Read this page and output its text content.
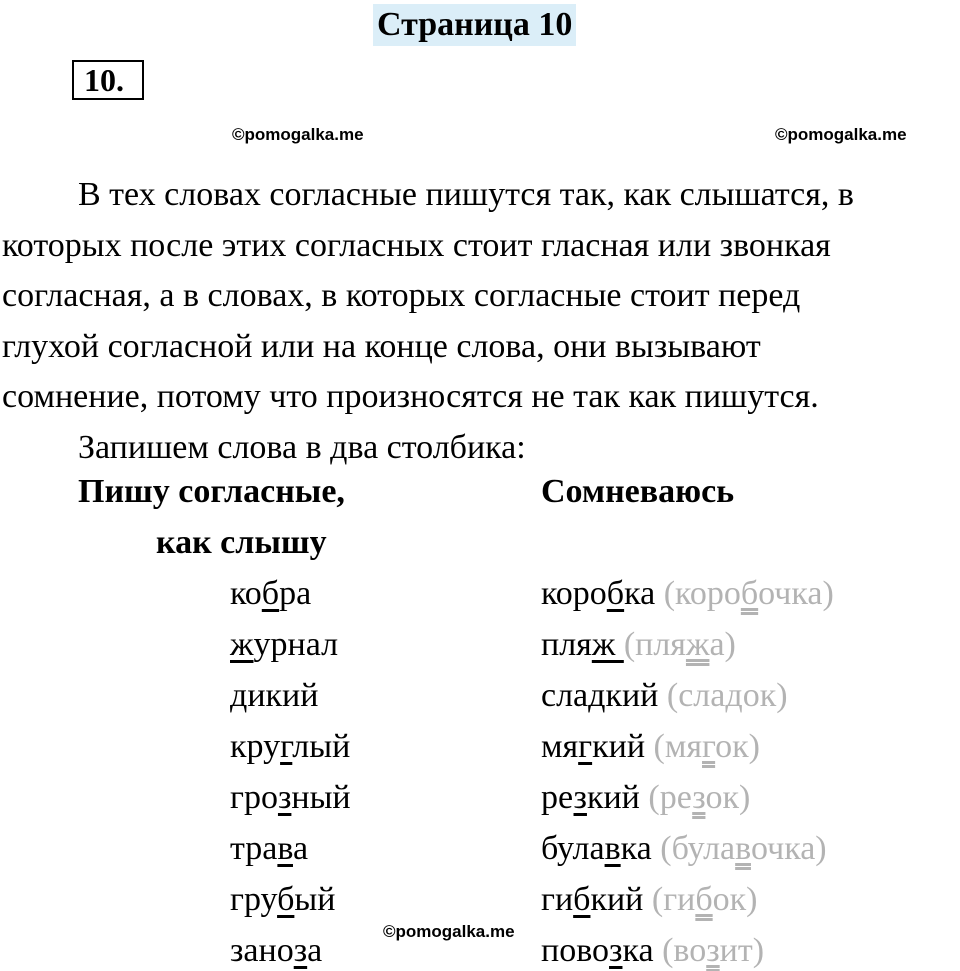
Страница 10
10.
В тех словах согласные пишутся так, как слышатся, в
которых после этих согласных стоит гласная или звонкая
согласная, а в словах, в которых согласные стоит перед
глухой согласной или на конце слова, они вызывают
сомнение, потому что произносятся не так как пишутся.
Запишем слова в два столбика:
Пишу согласные,
как слышу
Сомневаюсь
кобра
журнал
дикий
круглый
грозный
трава
грубый
заноза
коробка (коробочка)
пляж (пляжа)
сладкий (сладок)
мягкий (мягок)
резкий (резок)
булавка (булавочка)
гибкий (гибок)
повозка (возит)
©pomogalka.me	©pomogalka.me
©pomogalka.me
